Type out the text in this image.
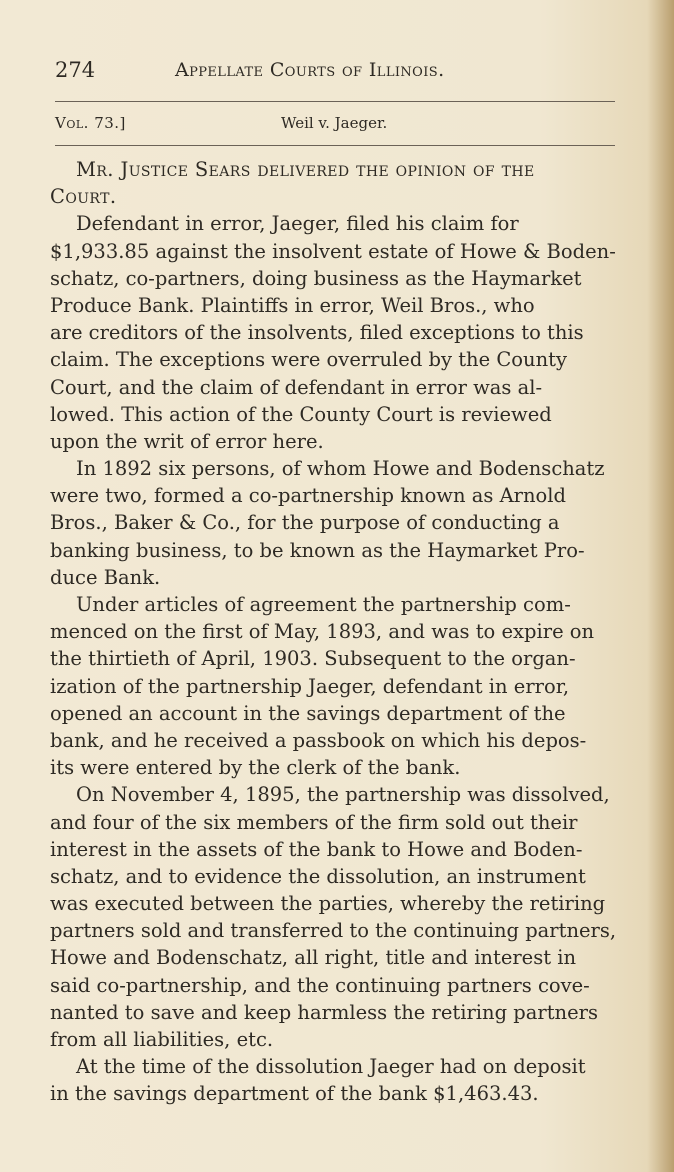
274	Appellate Courts of Illinois.
Vol. 73.]	Weil v. Jaeger.
Mr. Justice Sears delivered the opinion of the
Court.
Defendant in error, Jaeger, filed his claim for
$1,933.85 against the insolvent estate of Howe & Boden-
schatz, co-partners, doing business as the Haymarket
Produce Bank. Plaintiffs in error, Weil Bros., who
are creditors of the insolvents, filed exceptions to this
claim. The exceptions were overruled by the County
Court, and the claim of defendant in error was al-
lowed. This action of the County Court is reviewed
upon the writ of error here.
In 1892 six persons, of whom Howe and Bodenschatz
were two, formed a co-partnership known as Arnold
Bros., Baker & Co., for the purpose of conducting a
banking business, to be known as the Haymarket Pro-
duce Bank.
Under articles of agreement the partnership com-
menced on the first of May, 1893, and was to expire on
the thirtieth of April, 1903. Subsequent to the organ-
ization of the partnership Jaeger, defendant in error,
opened an account in the savings department of the
bank, and he received a passbook on which his depos-
its were entered by the clerk of the bank.
On November 4, 1895, the partnership was dissolved,
and four of the six members of the firm sold out their
interest in the assets of the bank to Howe and Boden-
schatz, and to evidence the dissolution, an instrument
was executed between the parties, whereby the retiring
partners sold and transferred to the continuing partners,
Howe and Bodenschatz, all right, title and interest in
said co-partnership, and the continuing partners cove-
nanted to save and keep harmless the retiring partners
from all liabilities, etc.
At the time of the dissolution Jaeger had on deposit
in the savings department of the bank $1,463.43.
